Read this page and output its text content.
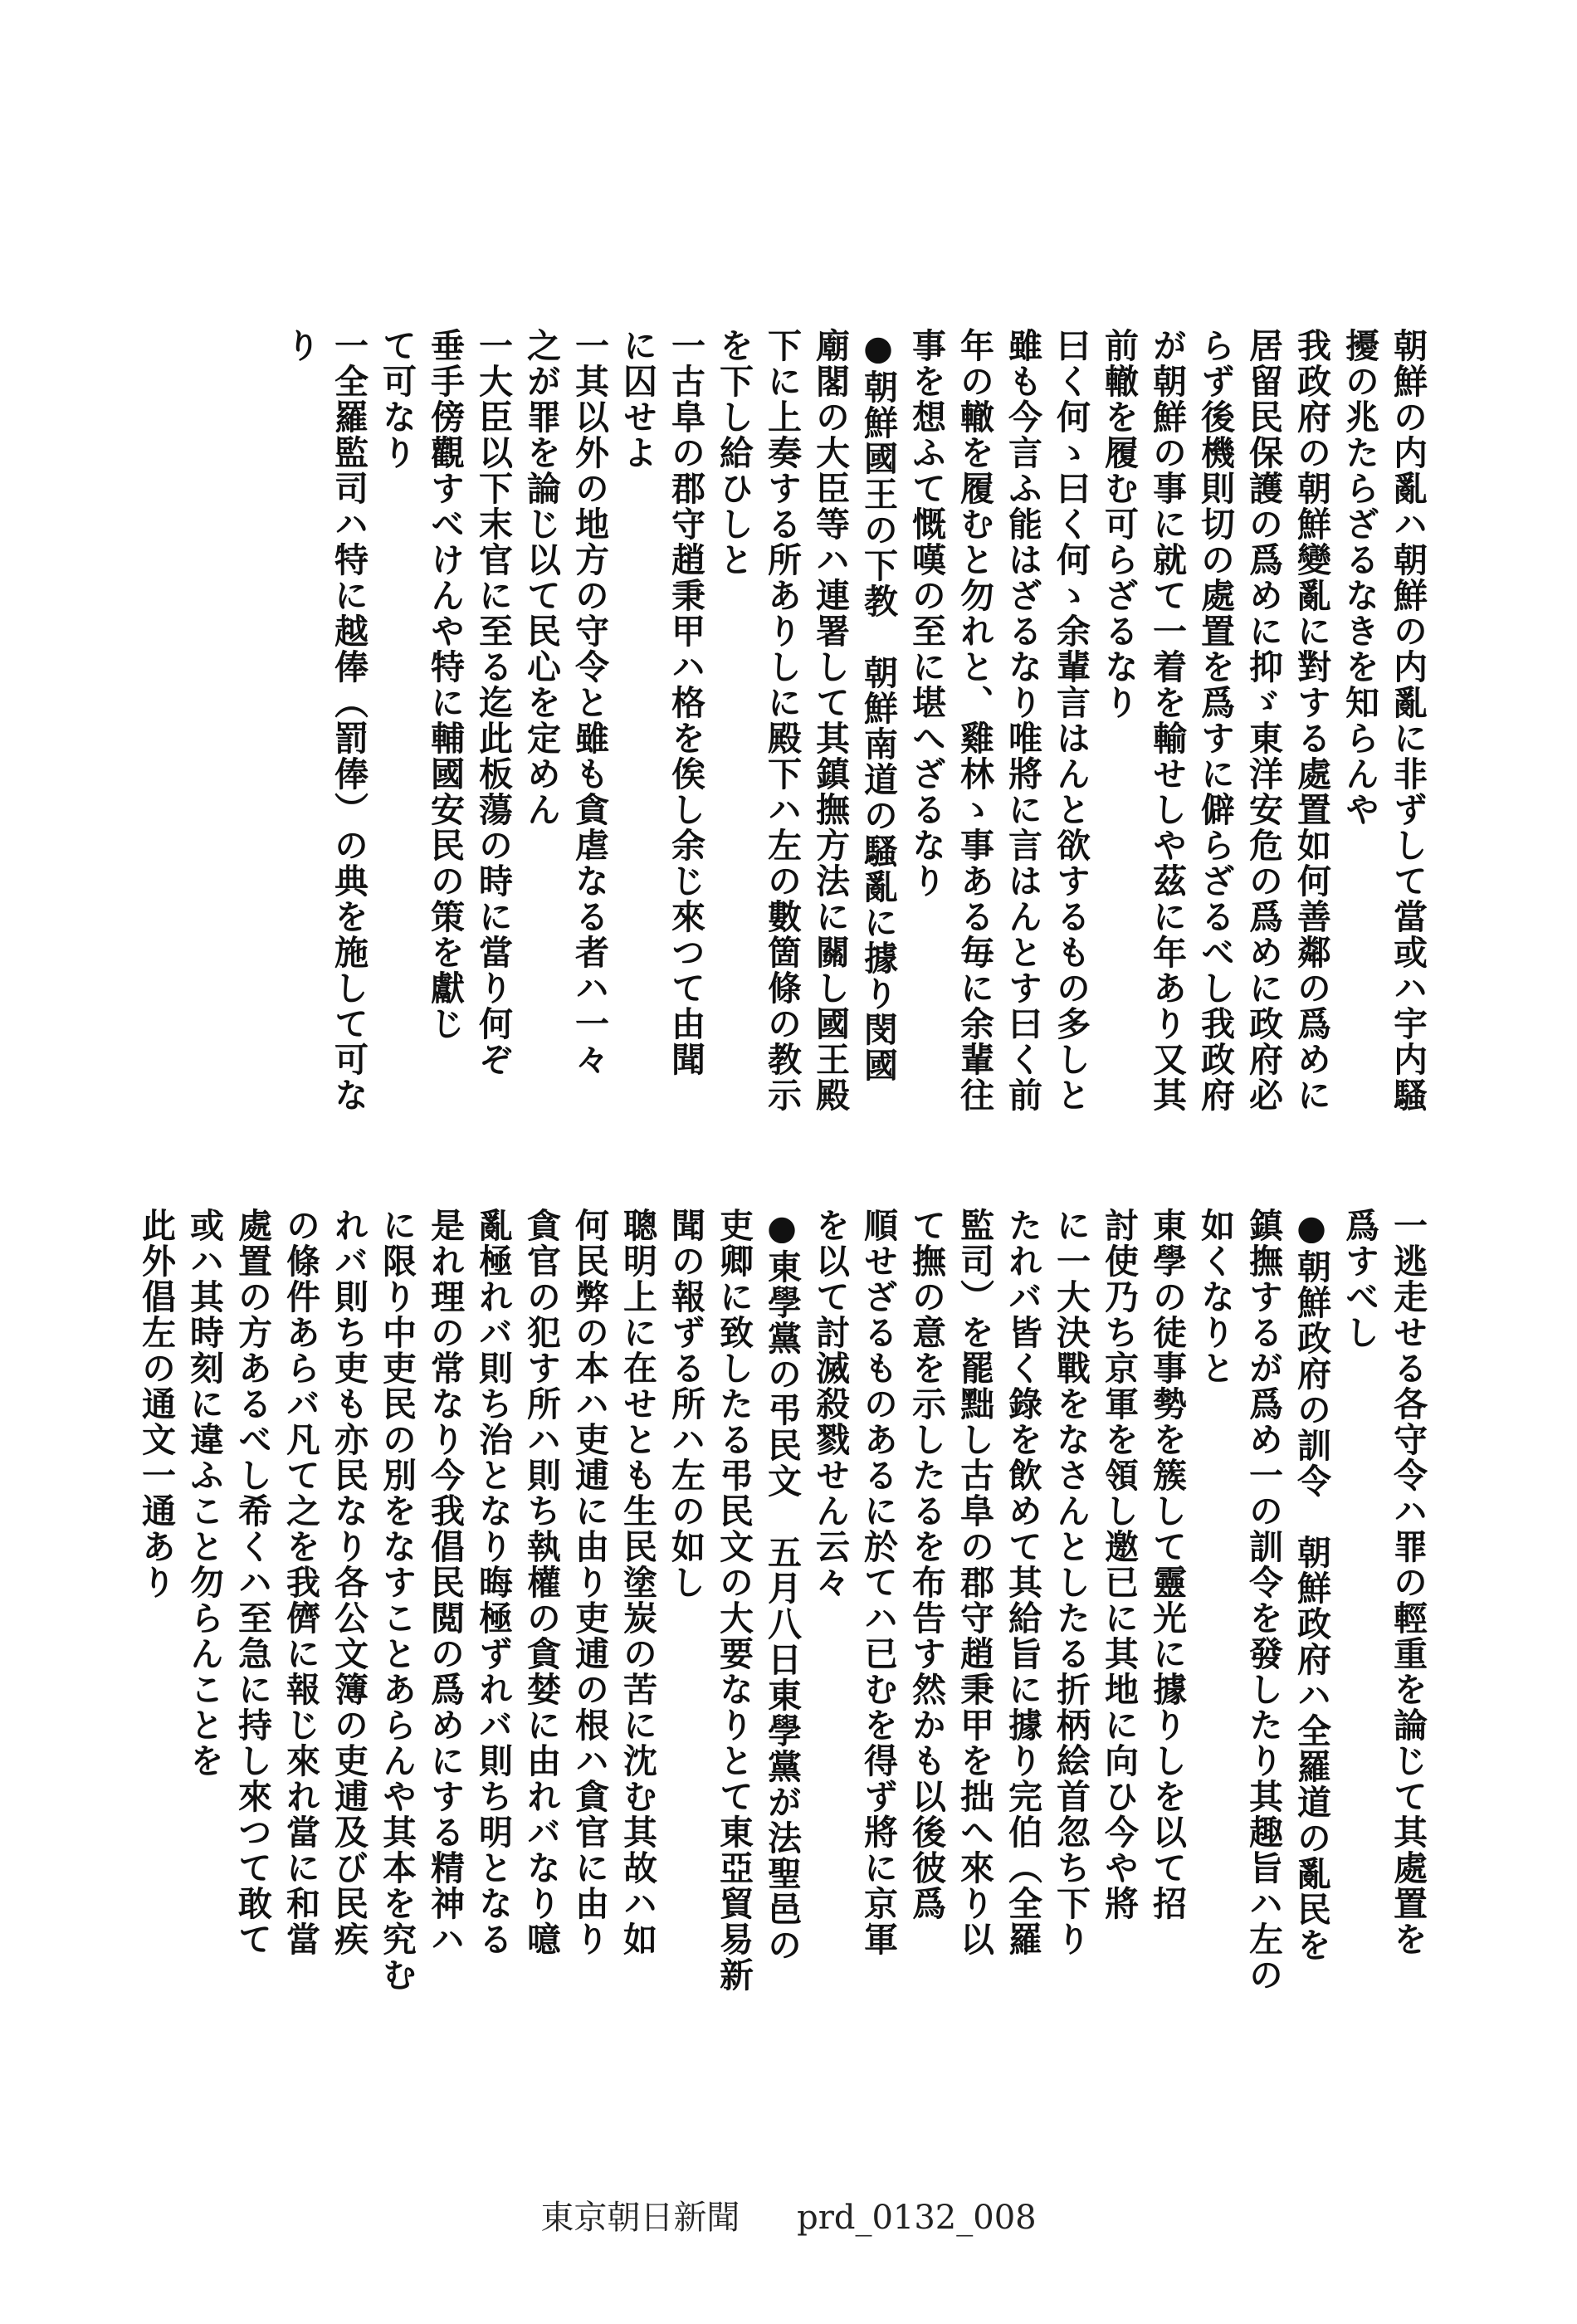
朝鮮の内亂ハ朝鮮の内亂に非ずして當或ハ宇内騷
擾の兆たらざるなきを知らんや
我政府の朝鮮變亂に對する處置如何善鄰の爲めに
居留民保護の爲めに抑ゞ東洋安危の爲めに政府必
らず後機則切の處置を爲すに僻らざるべし我政府
が朝鮮の事に就て一着を輸せしや茲に年あり又其
前轍を履む可らざるなり
曰く何ゝ曰く何ゝ余輩言はんと欲するもの多しと
雖も今言ふ能はざるなり唯將に言はんとす曰く前
年の轍を履むと勿れと、雞林ゝ事ある毎に余輩往
事を想ふて慨嘆の至に堪へざるなり
●朝鮮國王の下教　朝鮮南道の騷亂に據り閔國
廟閣の大臣等ハ連署して其鎮撫方法に關し國王殿
下に上奏する所ありしに殿下ハ左の數箇條の教示
を下し給ひしと
一古阜の郡守趙秉甲ハ格を俟し余じ來つて由聞
に囚せよ
一其以外の地方の守令と雖も貪虐なる者ハ一々
之が罪を論じ以て民心を定めん
一大臣以下末官に至る迄此板蕩の時に當り何ぞ
垂手傍觀すべけんや特に輔國安民の策を獻じ
て可なり
一全羅監司ハ特に越俸（罰俸）の典を施して可な
り
一逃走せる各守令ハ罪の輕重を論じて其處置を
爲すべし
●朝鮮政府の訓令　朝鮮政府ハ全羅道の亂民を
鎮撫するが爲め一の訓令を發したり其趣旨ハ左の
如くなりと
東學の徒事勢を簇して靈光に據りしを以て招
討使乃ち京軍を領し邀已に其地に向ひ今や將
に一大決戰をなさんとしたる折柄絵首忽ち下り
たれバ皆く錄を飲めて其給旨に據り完伯（全羅
監司）を罷黜し古阜の郡守趙秉甲を拙へ來り以
て撫の意を示したるを布告す然かも以後彼爲
順せざるものあるに於てハ已むを得ず將に京軍
を以て討滅殺戮せん云々
●東學黨の弔民文　五月八日東學黨が法聖邑の
吏卿に致したる弔民文の大要なりとて東亞貿易新
聞の報ずる所ハ左の如し
聰明上に在せとも生民塗炭の苦に沈む其故ハ如
何民弊の本ハ吏逋に由り吏逋の根ハ貪官に由り
貪官の犯す所ハ則ち執權の貪婪に由れバなり噫
亂極れバ則ち治となり晦極ずれバ則ち明となる
是れ理の常なり今我倡民閲の爲めにする精神ハ
に限り中吏民の別をなすことあらんや其本を究む
れバ則ち吏も亦民なり各公文簿の吏逋及び民疾
の條件あらバ凡て之を我儕に報じ來れ當に和當
處置の方あるべし希くハ至急に持し來つて敢て
或ハ其時刻に違ふこと勿らんことを
此外倡左の通文一通あり
東京朝日新聞 prd_0132_008
